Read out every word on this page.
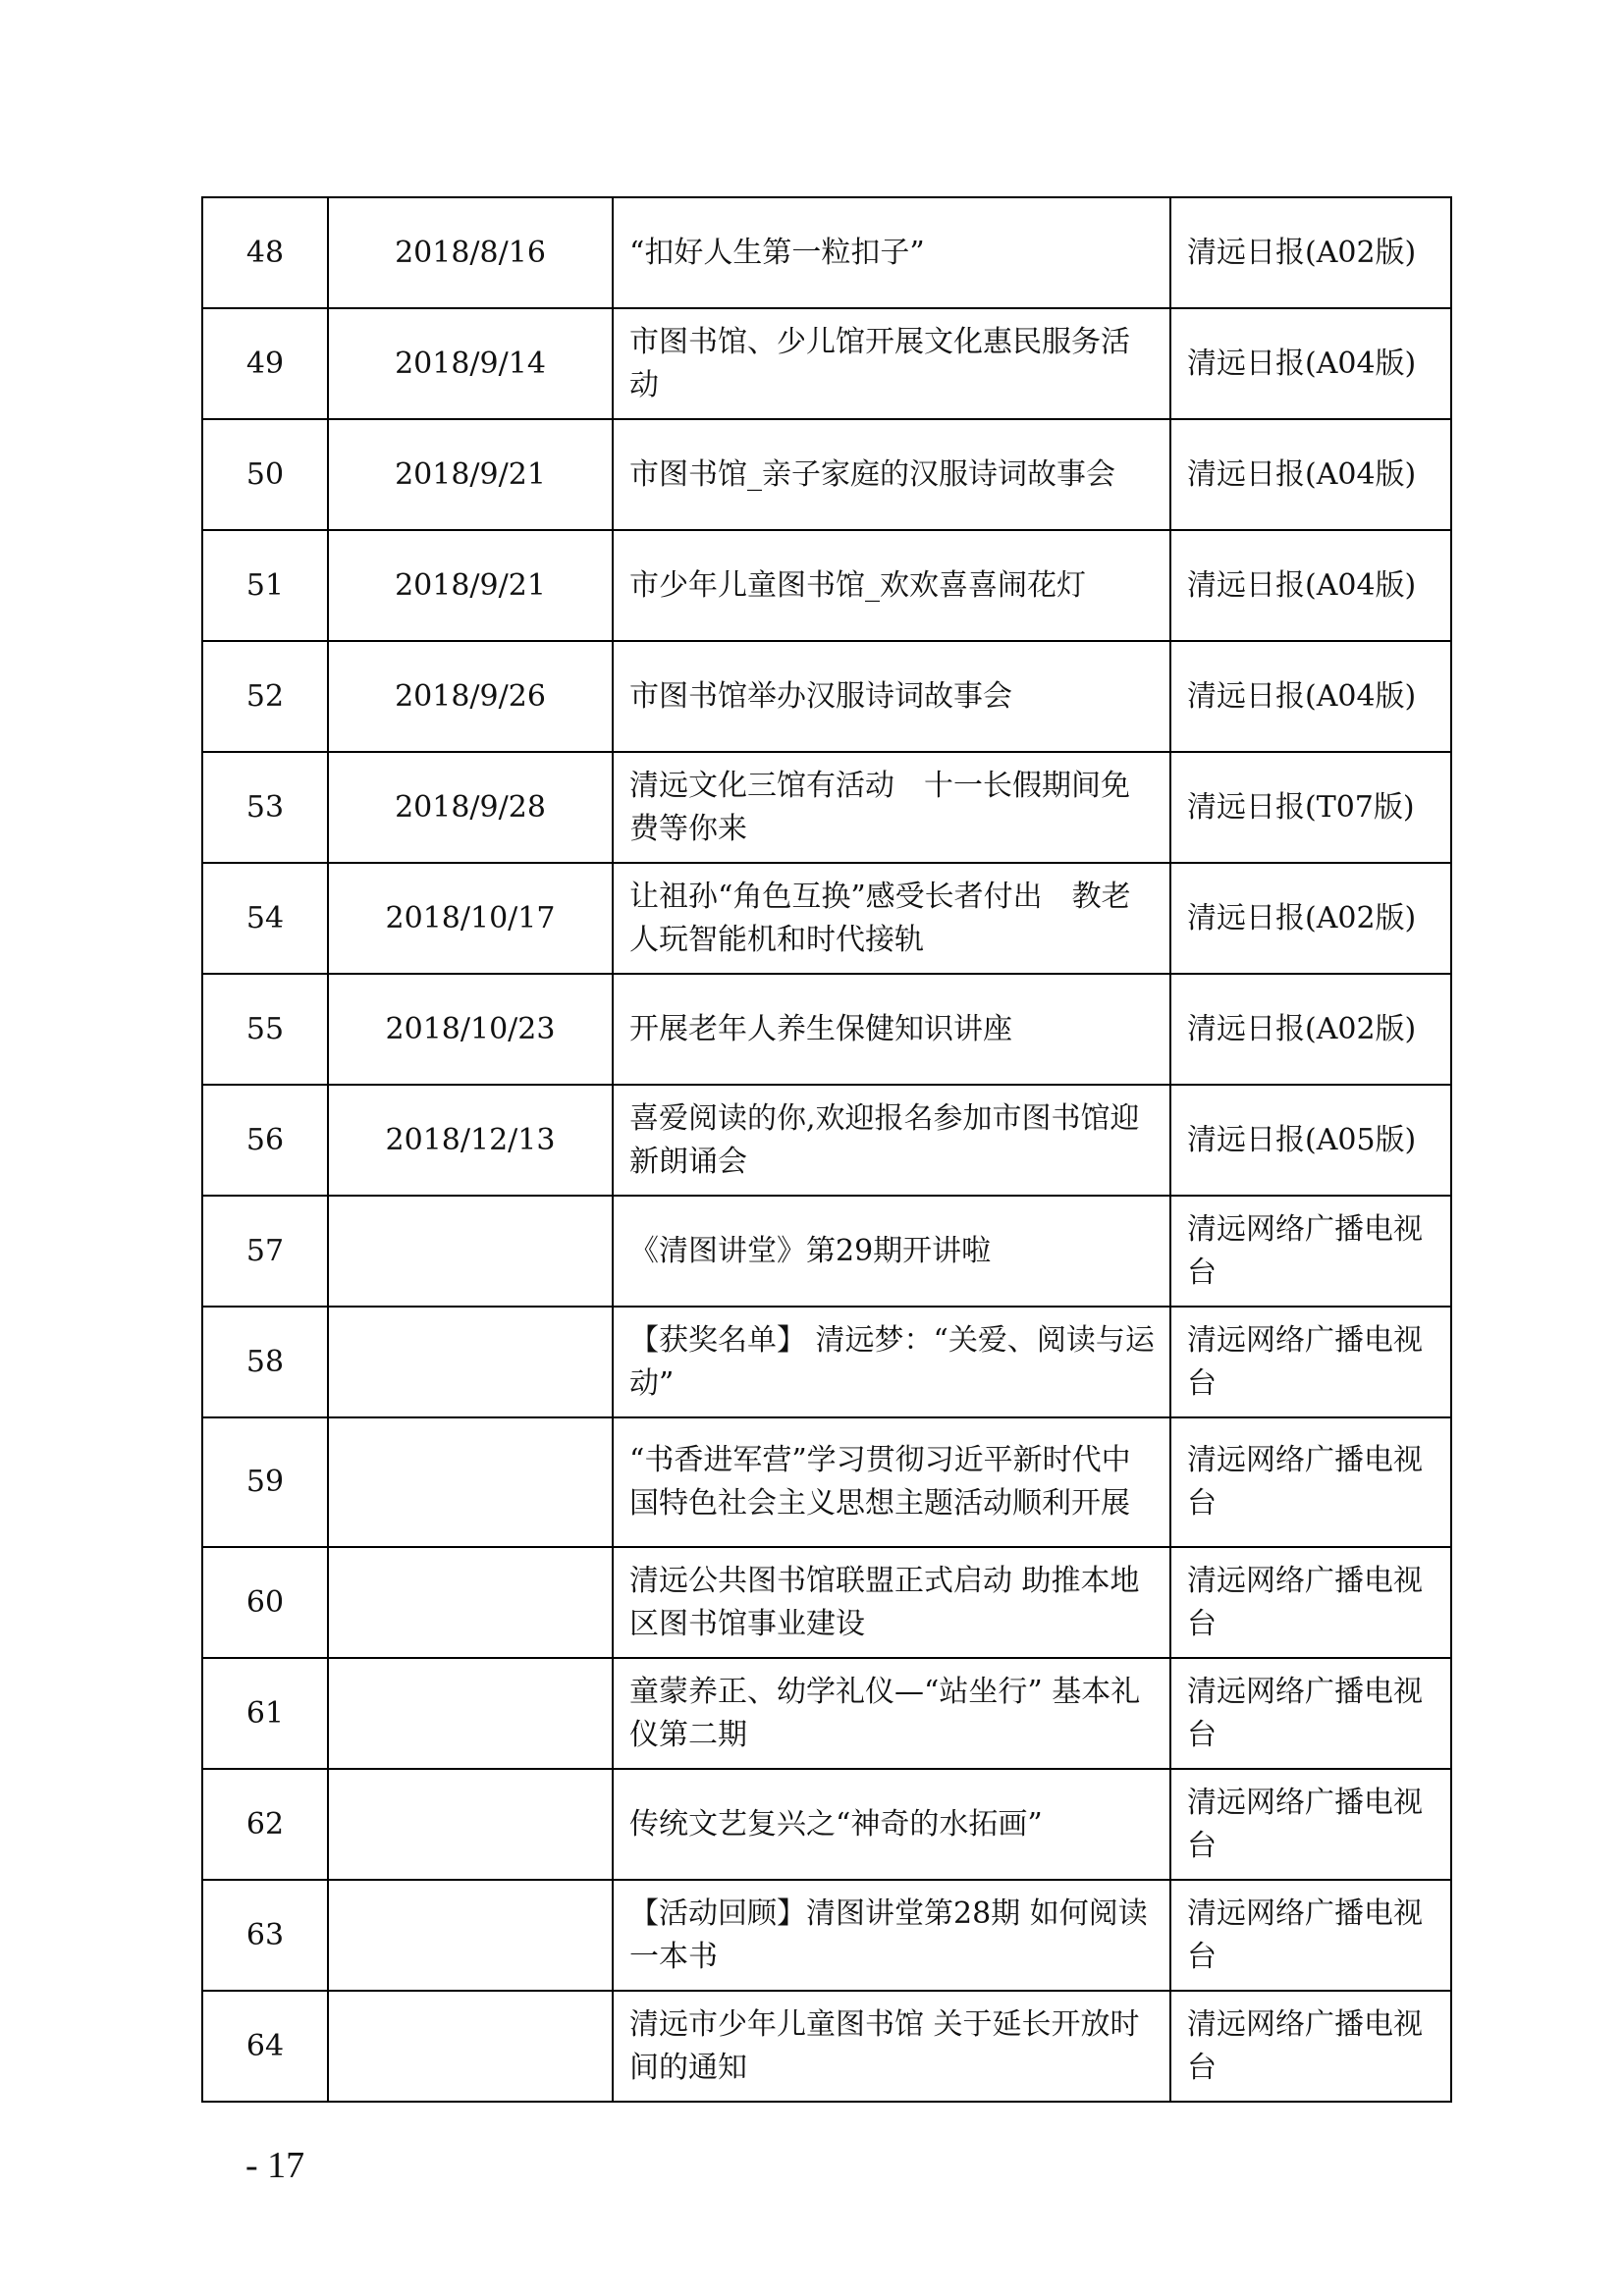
48	2018/8/16	“扣好人生第一粒扣子”	清远日报(A02版)
49	2018/9/14	市图书馆、少儿馆开展文化惠民服务活动	清远日报(A04版)
50	2018/9/21	市图书馆_亲子家庭的汉服诗词故事会	清远日报(A04版)
51	2018/9/21	市少年儿童图书馆_欢欢喜喜闹花灯	清远日报(A04版)
52	2018/9/26	市图书馆举办汉服诗词故事会	清远日报(A04版)
53	2018/9/28	清远文化三馆有活动　十一长假期间免费等你来	清远日报(T07版)
54	2018/10/17	让祖孙“角色互换”感受长者付出　教老人玩智能机和时代接轨	清远日报(A02版)
55	2018/10/23	开展老年人养生保健知识讲座	清远日报(A02版)
56	2018/12/13	喜爱阅读的你,欢迎报名参加市图书馆迎新朗诵会	清远日报(A05版)
57		《清图讲堂》第29期开讲啦	清远网络广播电视台
58		【获奖名单】 清远梦：“关爱、阅读与运动”	清远网络广播电视台
59		“书香进军营”学习贯彻习近平新时代中国特色社会主义思想主题活动顺利开展	清远网络广播电视台
60		清远公共图书馆联盟正式启动 助推本地区图书馆事业建设	清远网络广播电视台
61		童蒙养正、幼学礼仪—“站坐行” 基本礼仪第二期	清远网络广播电视台
62		传统文艺复兴之“神奇的水拓画”	清远网络广播电视台
63		【活动回顾】清图讲堂第28期 如何阅读一本书	清远网络广播电视台
64		清远市少年儿童图书馆 关于延长开放时间的通知	清远网络广播电视台
- 17
